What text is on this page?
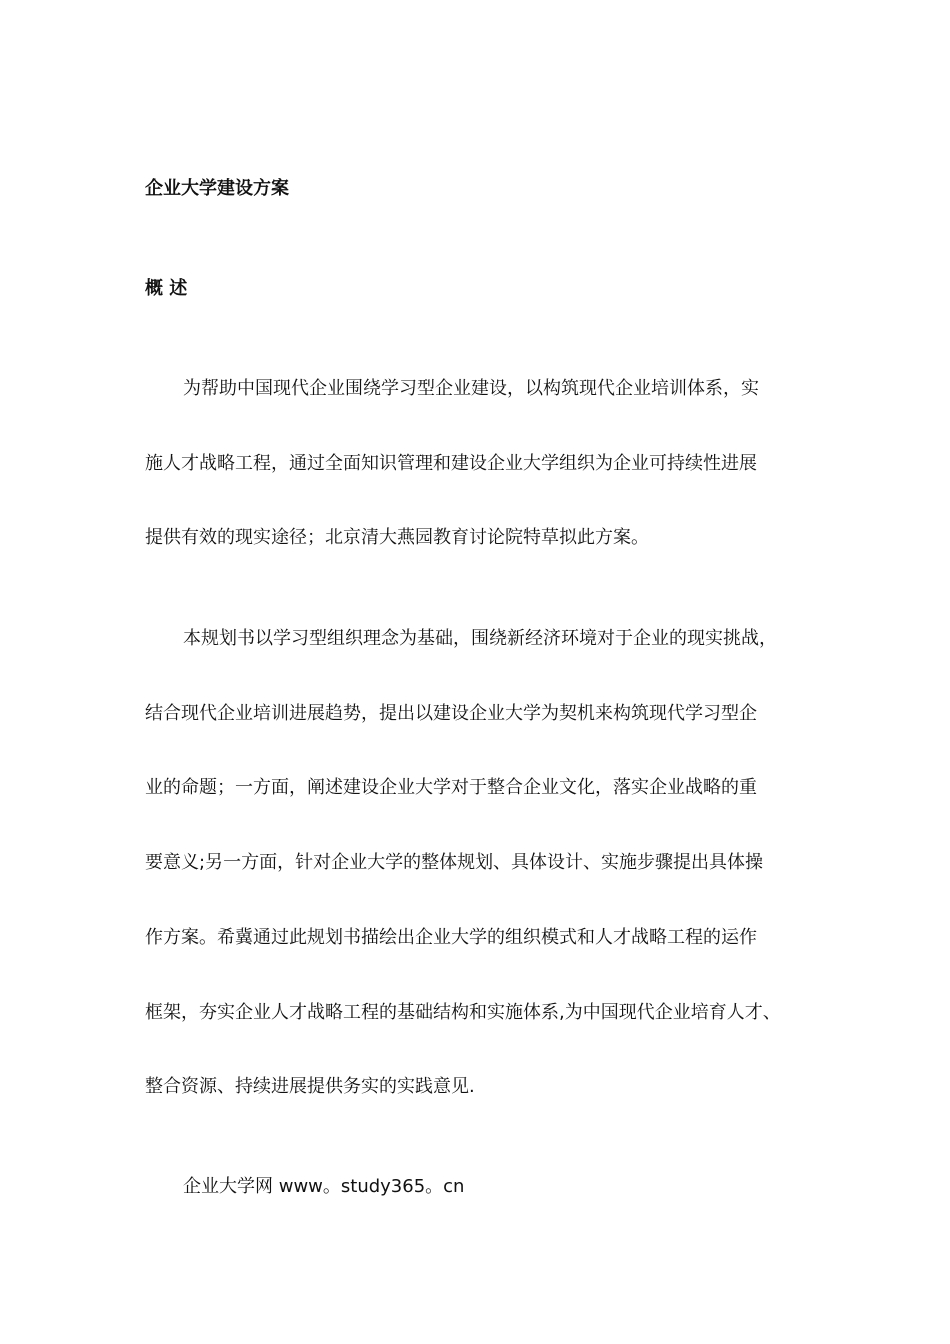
企业大学建设方案
概 述
为帮助中国现代企业围绕学习型企业建设，以构筑现代企业培训体系，实
施人才战略工程，通过全面知识管理和建设企业大学组织为企业可持续性进展
提供有效的现实途径；北京清大燕园教育讨论院特草拟此方案。
本规划书以学习型组织理念为基础，围绕新经济环境对于企业的现实挑战，
结合现代企业培训进展趋势，提出以建设企业大学为契机来构筑现代学习型企
业的命题；一方面，阐述建设企业大学对于整合企业文化，落实企业战略的重
要意义;另一方面，针对企业大学的整体规划、具体设计、实施步骤提出具体操
作方案。希冀通过此规划书描绘出企业大学的组织模式和人才战略工程的运作
框架，夯实企业人才战略工程的基础结构和实施体系,为中国现代企业培育人才、
整合资源、持续进展提供务实的实践意见.
企业大学网 www。study365。cn
